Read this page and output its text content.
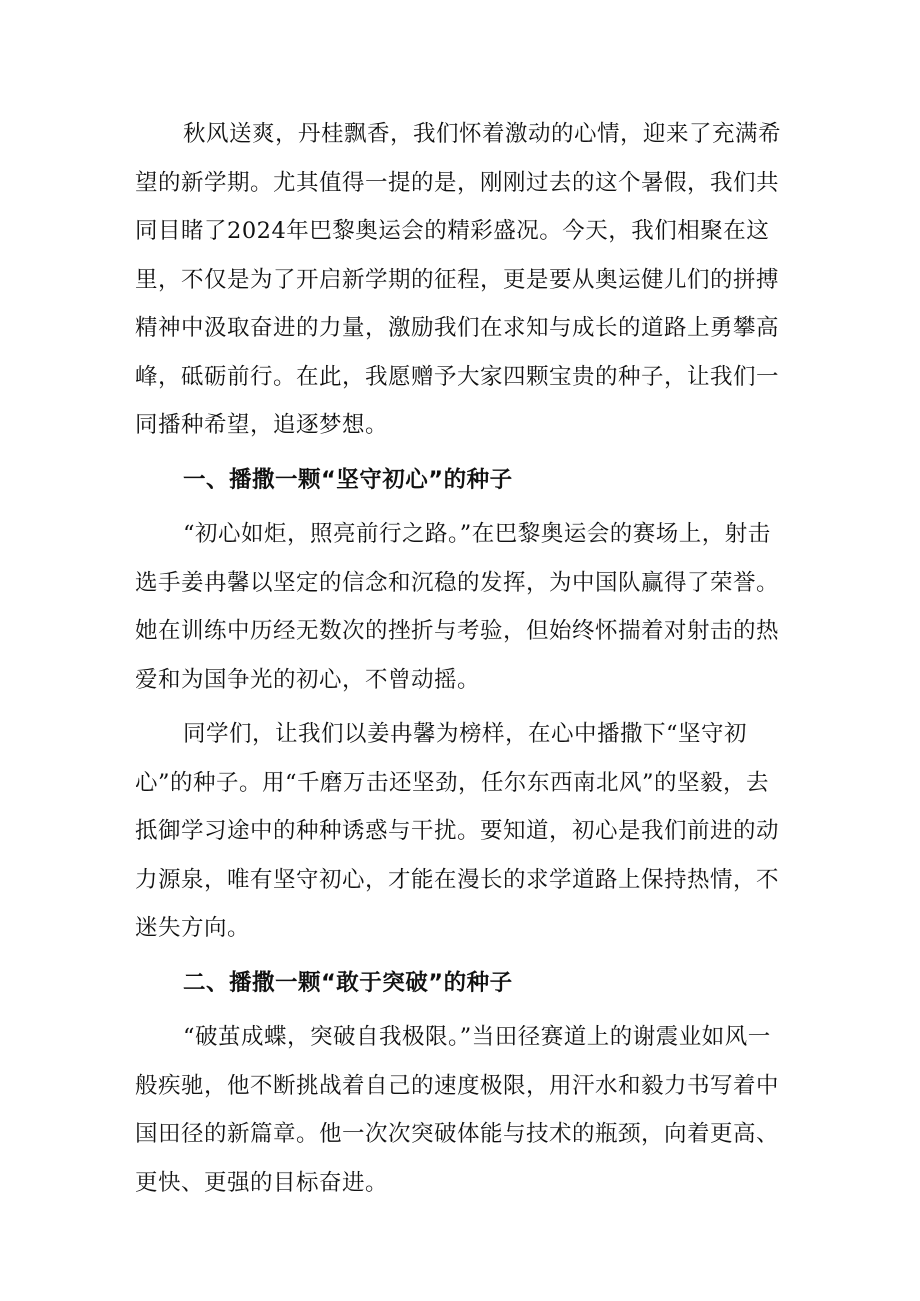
秋风送爽，丹桂飘香，我们怀着激动的心情，迎来了充满希望的新学期。尤其值得一提的是，刚刚过去的这个暑假，我们共同目睹了2024年巴黎奥运会的精彩盛况。今天，我们相聚在这里，不仅是为了开启新学期的征程，更是要从奥运健儿们的拼搏精神中汲取奋进的力量，激励我们在求知与成长的道路上勇攀高峰，砥砺前行。在此，我愿赠予大家四颗宝贵的种子，让我们一同播种希望，追逐梦想。

一、播撒一颗“坚守初心”的种子

“初心如炬，照亮前行之路。”在巴黎奥运会的赛场上，射击选手姜冉馨以坚定的信念和沉稳的发挥，为中国队赢得了荣誉。她在训练中历经无数次的挫折与考验，但始终怀揣着对射击的热爱和为国争光的初心，不曾动摇。

同学们，让我们以姜冉馨为榜样，在心中播撒下“坚守初心”的种子。用“千磨万击还坚劲，任尔东西南北风”的坚毅，去抵御学习途中的种种诱惑与干扰。要知道，初心是我们前进的动力源泉，唯有坚守初心，才能在漫长的求学道路上保持热情，不迷失方向。

二、播撒一颗“敢于突破”的种子

“破茧成蝶，突破自我极限。”当田径赛道上的谢震业如风一般疾驰，他不断挑战着自己的速度极限，用汗水和毅力书写着中国田径的新篇章。他一次次突破体能与技术的瓶颈，向着更高、更快、更强的目标奋进。
